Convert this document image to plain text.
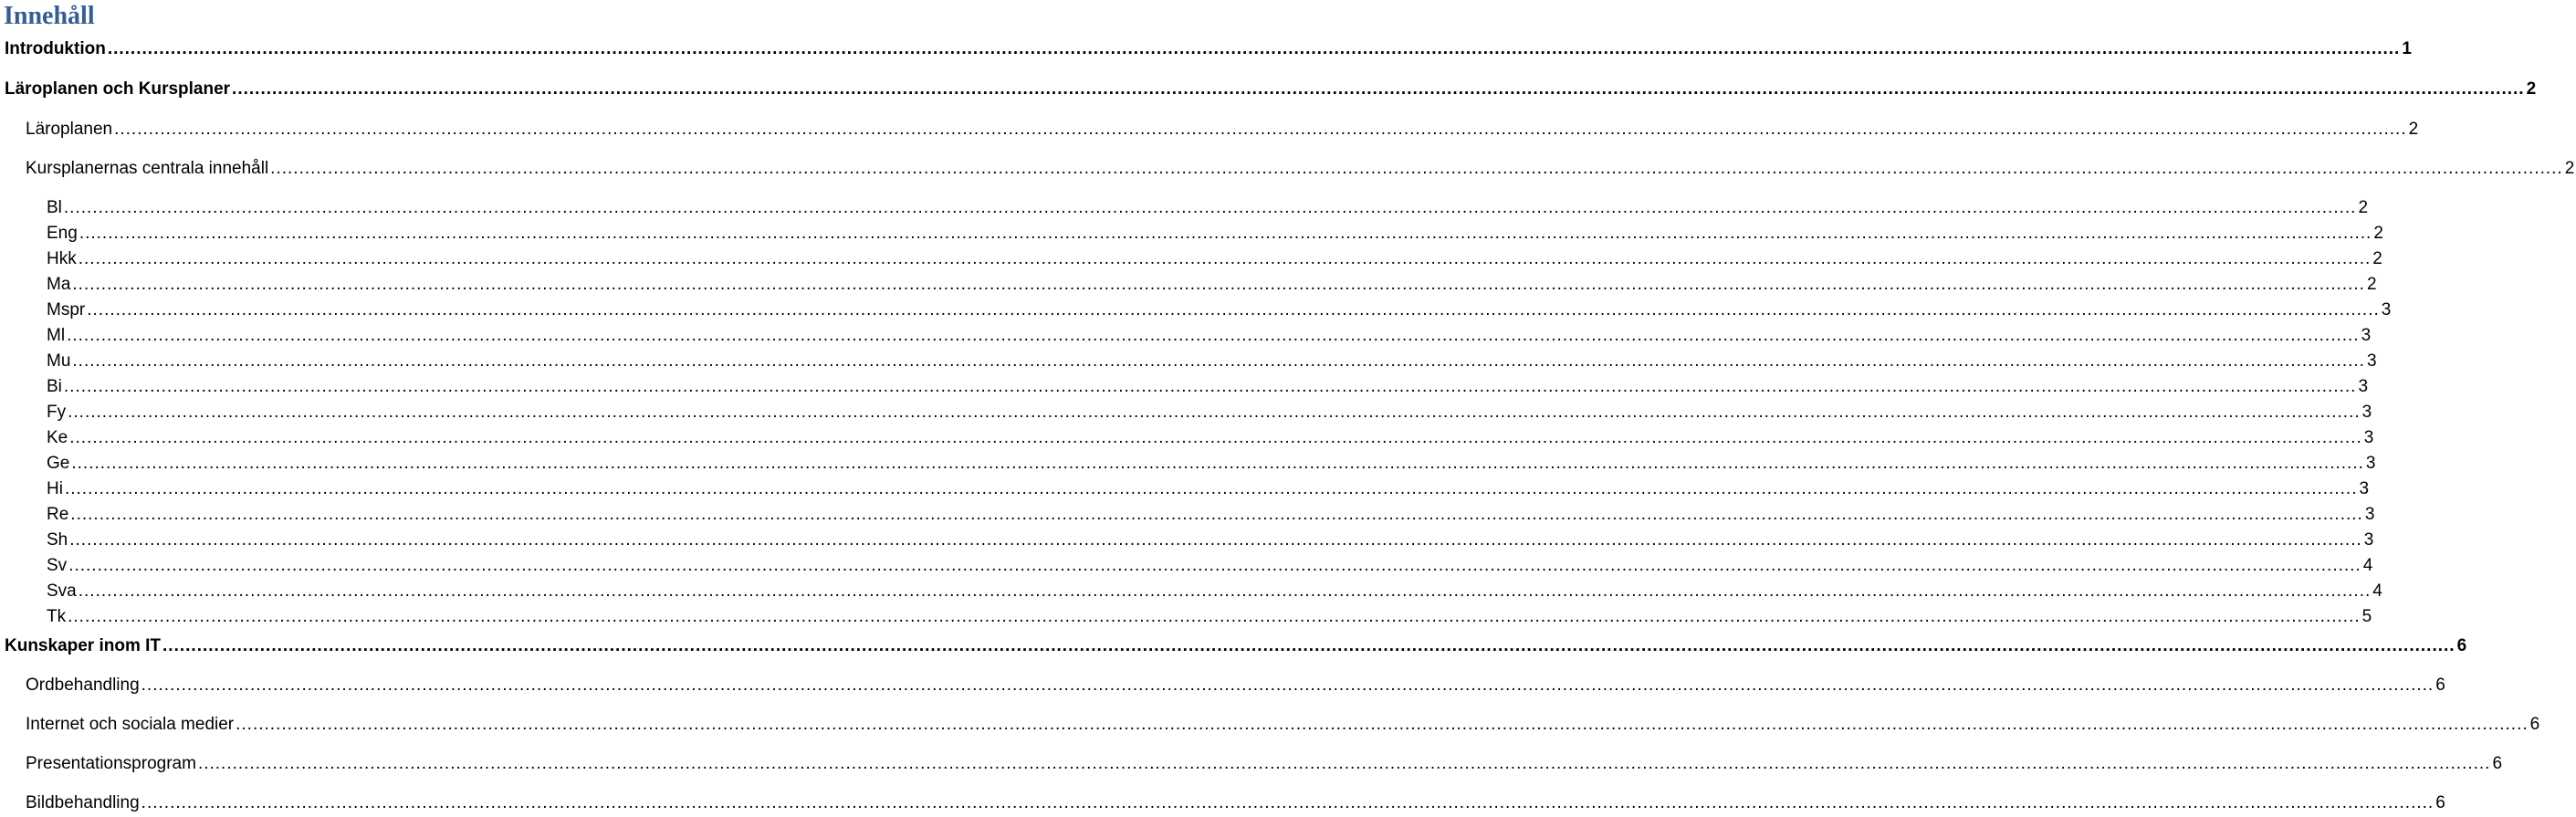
Innehåll
Introduktion ................................................................................................................................................................................................................................................................................................................................................................................................................ 1
Läroplanen och Kursplaner ................................................................................................................................................................................................................................................................................................................................................................................................................ 2
Läroplanen ................................................................................................................................................................................................................................................................................................................................................................................................................ 2
Kursplanernas centrala innehåll ................................................................................................................................................................................................................................................................................................................................................................................................................ 2
Bl ................................................................................................................................................................................................................................................................................................................................................................................................................ 2
Eng ................................................................................................................................................................................................................................................................................................................................................................................................................ 2
Hkk ................................................................................................................................................................................................................................................................................................................................................................................................................ 2
Ma ................................................................................................................................................................................................................................................................................................................................................................................................................ 2
Mspr ................................................................................................................................................................................................................................................................................................................................................................................................................ 3
Ml ................................................................................................................................................................................................................................................................................................................................................................................................................ 3
Mu ................................................................................................................................................................................................................................................................................................................................................................................................................ 3
Bi ................................................................................................................................................................................................................................................................................................................................................................................................................ 3
Fy ................................................................................................................................................................................................................................................................................................................................................................................................................ 3
Ke ................................................................................................................................................................................................................................................................................................................................................................................................................ 3
Ge ................................................................................................................................................................................................................................................................................................................................................................................................................ 3
Hi ................................................................................................................................................................................................................................................................................................................................................................................................................ 3
Re ................................................................................................................................................................................................................................................................................................................................................................................................................ 3
Sh ................................................................................................................................................................................................................................................................................................................................................................................................................ 3
Sv ................................................................................................................................................................................................................................................................................................................................................................................................................ 4
Sva ................................................................................................................................................................................................................................................................................................................................................................................................................ 4
Tk ................................................................................................................................................................................................................................................................................................................................................................................................................ 5
Kunskaper inom IT ................................................................................................................................................................................................................................................................................................................................................................................................................ 6
Ordbehandling ................................................................................................................................................................................................................................................................................................................................................................................................................ 6
Internet och sociala medier ................................................................................................................................................................................................................................................................................................................................................................................................................ 6
Presentationsprogram ................................................................................................................................................................................................................................................................................................................................................................................................................ 6
Bildbehandling ................................................................................................................................................................................................................................................................................................................................................................................................................ 6
